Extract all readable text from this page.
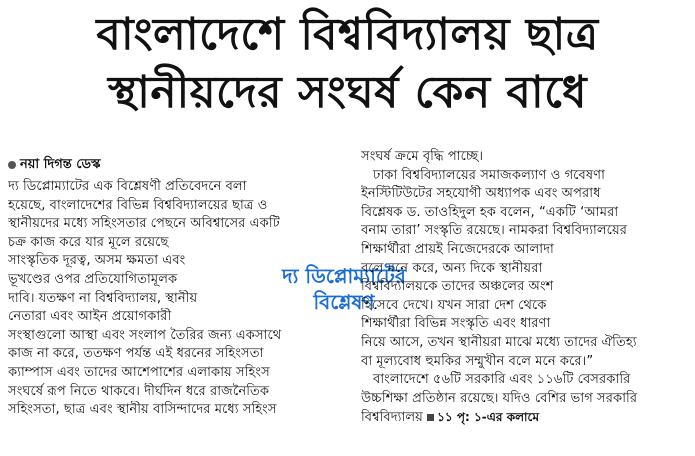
বাংলাদেশে বিশ্ববিদ্যালয় ছাত্র
স্থানীয়দের সংঘর্ষ কেন বাধে
নয়া দিগন্ত ডেস্ক
দ্য ডিপ্লোম্যাটের এক বিশ্লেষণী প্রতিবেদনে বলা
হয়েছে, বাংলাদেশের বিভিন্ন বিশ্ববিদ্যালয়ের ছাত্র ও
স্থানীয়দের মধ্যে সহিংসতার পেছনে অবিশ্বাসের একটি
চক্র কাজ করে যার মূলে রয়েছে
সাংস্কৃতিক দূরত্ব, অসম ক্ষমতা এবং
ভূখণ্ডের ওপর প্রতিযোগিতামূলক
দাবি। যতক্ষণ না বিশ্ববিদ্যালয়, স্থানীয়
নেতারা এবং আইন প্রয়োগকারী
সংস্থাগুলো আস্থা এবং সংলাপ তৈরির জন্য একসাথে
কাজ না করে, ততক্ষণ পর্যন্ত এই ধরনের সহিংসতা
ক্যাম্পাস এবং তাদের আশেপাশের এলাকায় সহিংস
সংঘর্ষে রূপ নিতে থাকবে। দীর্ঘদিন ধরে রাজনৈতিক
সহিংসতা, ছাত্র এবং স্থানীয় বাসিন্দাদের মধ্যে সহিংস
দ্য ডিপ্লোম্যাটের
বিশ্লেষণ
সংঘর্ষ ক্রমে বৃদ্ধি পাচ্ছে।
ঢাকা বিশ্ববিদ্যালয়ের সমাজকল্যাণ ও গবেষণা
ইনস্টিটিউটের সহযোগী অধ্যাপক এবং অপরাধ
বিশ্লেষক ড. তাওহিদুল হক বলেন, “একটি ‘আমরা
বনাম তারা’ সংস্কৃতি রয়েছে। নামকরা বিশ্ববিদ্যালয়ের
শিক্ষার্থীরা প্রায়ই নিজেদেরকে আলাদা
বলে মনে করে, অন্য দিকে স্থানীয়রা
বিশ্ববিদ্যালয়কে তাদের অঞ্চলের অংশ
হিসেবে দেখে। যখন সারা দেশ থেকে
শিক্ষার্থীরা বিভিন্ন সংস্কৃতি এবং ধারণা
নিয়ে আসে, তখন স্থানীয়রা মাঝে মধ্যে তাদের ঐতিহ্য
বা মূল্যবোধ হুমকির সম্মুখীন বলে মনে করে।”
বাংলাদেশে ৫৬টি সরকারি এবং ১১৬টি বেসরকারি
উচ্চশিক্ষা প্রতিষ্ঠান রয়েছে। যদিও বেশির ভাগ সরকারি
বিশ্ববিদ্যালয় ১১ পৃ: ১-এর কলামে
